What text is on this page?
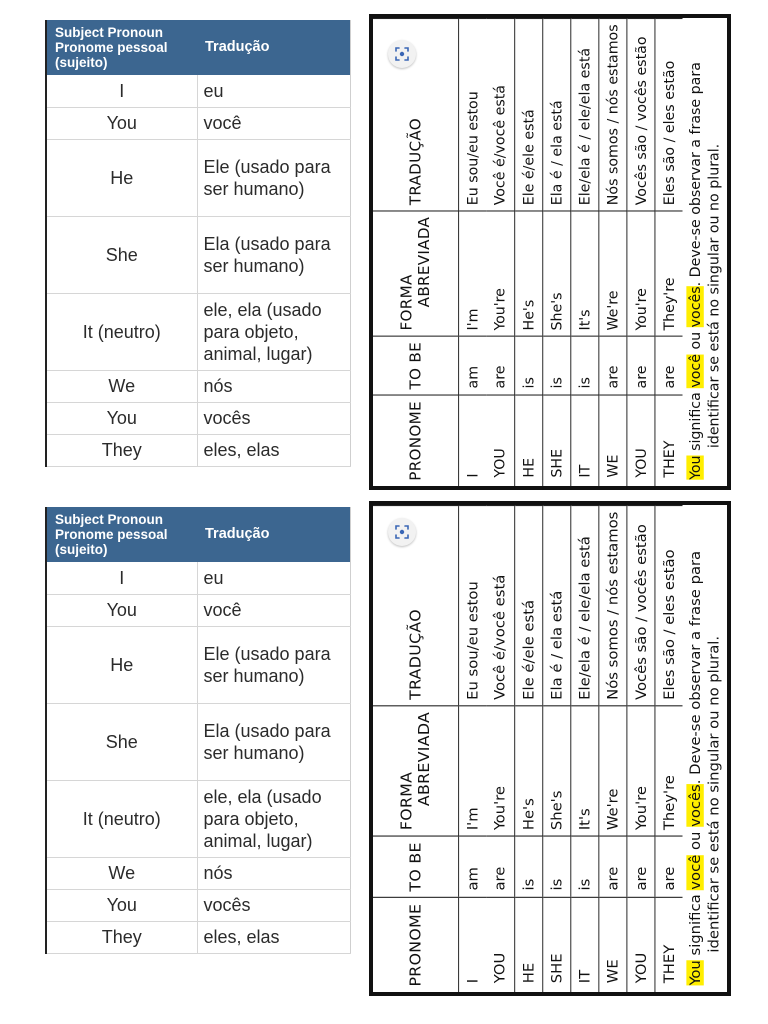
Subject Pronoun
Pronome pessoal
(sujeito)	Tradução
I	eu
You	você
He	Ele (usado para ser humano)
She	Ela (usado para ser humano)
It (neutro)	ele, ela (usado para objeto, animal, lugar)
We	nós
You	vocês
They	eles, elas
Subject Pronoun
Pronome pessoal
(sujeito)	Tradução
I	eu
You	você
He	Ele (usado para ser humano)
She	Ela (usado para ser humano)
It (neutro)	ele, ela (usado para objeto, animal, lugar)
We	nós
You	vocês
They	eles, elas
PRONOME	TO BE	FORMA ABREVIADA	TRADUÇÃO
I	am	I'm	Eu sou/eu estou
YOU	are	You're	Você é/você está
HE	is	He's	Ele é/ele está
SHE	is	She's	Ela é / ela está
IT	is	It's	Ele/ela é / ele/ela está
WE	are	We're	Nós somos / nós estamos
YOU	are	You're	Vocês são / vocês estão
THEY	are	They're	Eles são / eles estão
You significa você ou vocês. Deve-se observar a frase para identificar se está no singular ou no plural.
PRONOME	TO BE	FORMA ABREVIADA	TRADUÇÃO
I	am	I'm	Eu sou/eu estou
YOU	are	You're	Você é/você está
HE	is	He's	Ele é/ele está
SHE	is	She's	Ela é / ela está
IT	is	It's	Ele/ela é / ele/ela está
WE	are	We're	Nós somos / nós estamos
YOU	are	You're	Vocês são / vocês estão
THEY	are	They're	Eles são / eles estão
You significa você ou vocês. Deve-se observar a frase para identificar se está no singular ou no plural.
